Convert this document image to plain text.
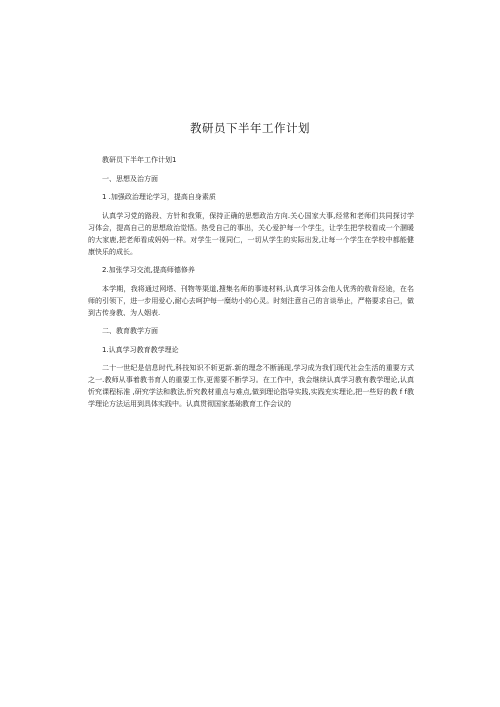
教研员下半年工作计划

教研员下半年工作计划1

一、思想及治方面

1 .加强政治理论学习，提高自身素质

认真学习党的路段、方针和我策，保持正确的思想政治方向.关心国家大事,经常和老师们共同探讨学习体会，提高自己的思想敌治觉悟。热受自己的事出，关心爱护每一个学生，让学生把学校看成一个溷暖的大家鹿,把老师看成妈妈一样。对学生一视同仁，一切从学生的实际出发,让每一个学生在学校中都能健康快乐的成长。

2.加张学习交流,提高师德修养

本学期，我将通过网塔、刊物等渠道,搜集名师的事迹材料,认真学习体会他人优秀的敖肯经途，在名师的引领下，进一步用爱心,耐心去呵护每一糜幼小的心灵。时刻注意自己的言谈举止，严格要求自己，做到古传身教、为人姻表.

二、教育教学方面

1.认真学习教育教学理论

二十一世纪是信息时代,科技知识不斩更新.新的理念不断涌现,学习成为我们现代社会生活的重要方式之一.教师从事着教书育人的重要工作,更需要不断学习。在工作中，我会继续认真学习教有教学理论,认真忻究课程标准 ,研究学法和教法,忻究教材重点与难点,做到理论指导实践,实践充实理论,把一些好的教 f f教学理论方法运用到具体实践中。认真贯彻国家基础教育工作会议的
